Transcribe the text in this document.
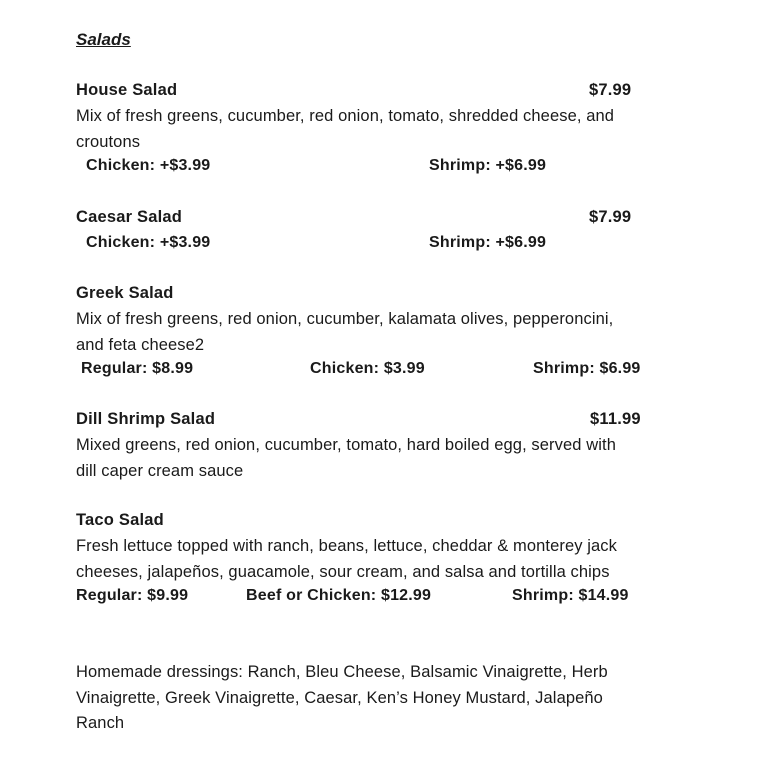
Salads
House Salad	$7.99
Mix of fresh greens, cucumber, red onion, tomato, shredded cheese, and
croutons
Chicken: +$3.99	Shrimp: +$6.99
Caesar Salad	$7.99
Chicken: +$3.99	Shrimp: +$6.99
Greek Salad
Mix of fresh greens, red onion, cucumber, kalamata olives, pepperoncini,
and feta cheese2
Regular: $8.99	Chicken: $3.99	Shrimp: $6.99
Dill Shrimp Salad	$11.99
Mixed greens, red onion, cucumber, tomato, hard boiled egg, served with
dill caper cream sauce
Taco Salad
Fresh lettuce topped with ranch, beans, lettuce, cheddar & monterey jack
cheeses, jalapeños, guacamole, sour cream, and salsa and tortilla chips
Regular: $9.99	Beef or Chicken: $12.99	Shrimp: $14.99
Homemade dressings: Ranch, Bleu Cheese, Balsamic Vinaigrette, Herb
Vinaigrette, Greek Vinaigrette, Caesar, Ken’s Honey Mustard, Jalapeño
Ranch
